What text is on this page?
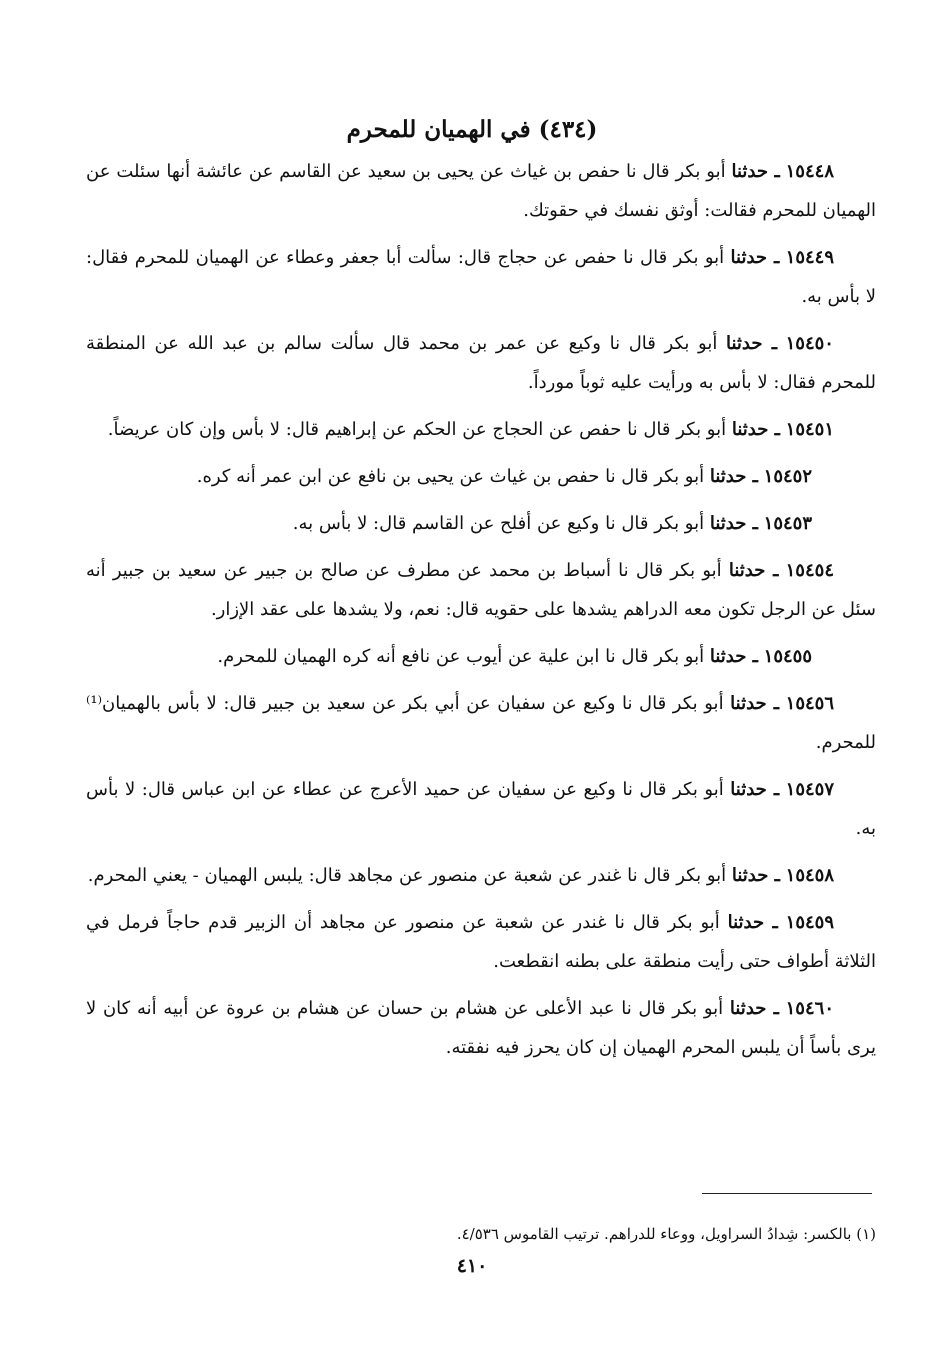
(٤٣٤) في الهميان للمحرم

١٥٤٤٨ ـ حدثنا أبو بكر قال نا حفص بن غياث عن يحيى بن سعيد عن القاسم عن عائشة أنها سئلت عن الهميان للمحرم فقالت: أوثق نفسك في حقوتك.

١٥٤٤٩ ـ حدثنا أبو بكر قال نا حفص عن حجاج قال: سألت أبا جعفر وعطاء عن الهميان للمحرم فقال: لا بأس به.

١٥٤٥٠ ـ حدثنا أبو بكر قال نا وكيع عن عمر بن محمد قال سألت سالم بن عبد الله عن المنطقة للمحرم فقال: لا بأس به ورأيت عليه ثوباً مورداً.

١٥٤٥١ ـ حدثنا أبو بكر قال نا حفص عن الحجاج عن الحكم عن إبراهيم قال: لا بأس وإن كان عريضاً.

١٥٤٥٢ ـ حدثنا أبو بكر قال نا حفص بن غياث عن يحيى بن نافع عن ابن عمر أنه كره.

١٥٤٥٣ ـ حدثنا أبو بكر قال نا وكيع عن أفلح عن القاسم قال: لا بأس به.

١٥٤٥٤ ـ حدثنا أبو بكر قال نا أسباط بن محمد عن مطرف عن صالح بن جبير عن سعيد بن جبير أنه سئل عن الرجل تكون معه الدراهم يشدها على حقويه قال: نعم، ولا يشدها على عقد الإزار.

١٥٤٥٥ ـ حدثنا أبو بكر قال نا ابن علية عن أيوب عن نافع أنه كره الهميان للمحرم.

١٥٤٥٦ ـ حدثنا أبو بكر قال نا وكيع عن سفيان عن أبي بكر عن سعيد بن جبير قال: لا بأس بالهميان⁽¹⁾ للمحرم.

١٥٤٥٧ ـ حدثنا أبو بكر قال نا وكيع عن سفيان عن حميد الأعرج عن عطاء عن ابن عباس قال: لا بأس به.

١٥٤٥٨ ـ حدثنا أبو بكر قال نا غندر عن شعبة عن منصور عن مجاهد قال: يلبس الهميان - يعني المحرم.

١٥٤٥٩ ـ حدثنا أبو بكر قال نا غندر عن شعبة عن منصور عن مجاهد أن الزبير قدم حاجاً فرمل في الثلاثة أطواف حتى رأيت منطقة على بطنه انقطعت.

١٥٤٦٠ ـ حدثنا أبو بكر قال نا عبد الأعلى عن هشام بن حسان عن هشام بن عروة عن أبيه أنه كان لا يرى بأساً أن يلبس المحرم الهميان إن كان يحرز فيه نفقته.

(١) بالكسر: شِدادُ السراويل، ووعاء للدراهم. ترتيب القاموس ٤/٥٣٦.

٤١٠
